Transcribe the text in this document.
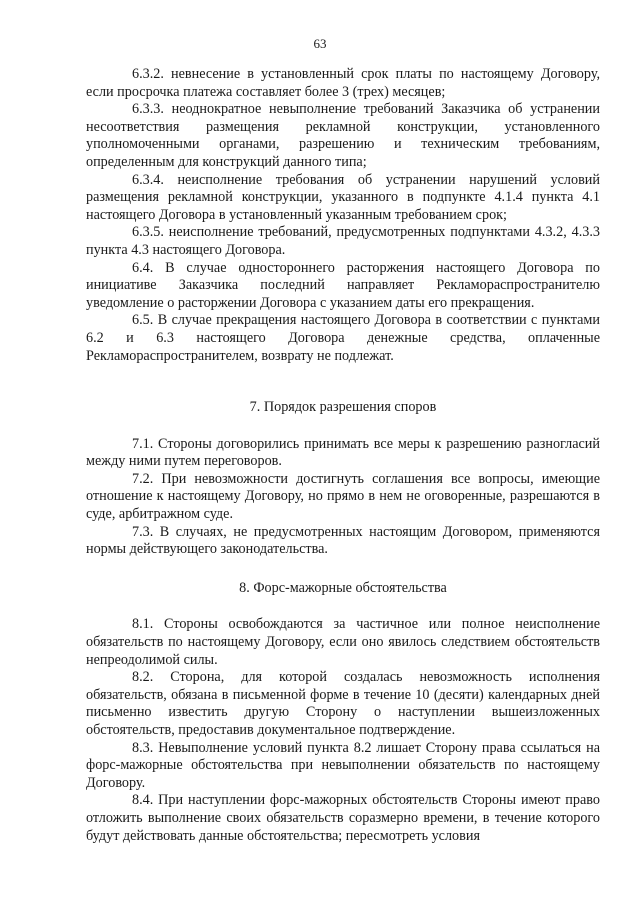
63

6.3.2. невнесение в установленный срок платы по настоящему Договору, если просрочка платежа составляет более 3 (трех) месяцев;

6.3.3. неоднократное невыполнение требований Заказчика об устранении несоответствия размещения рекламной конструкции, установленного уполномоченными органами, разрешению и техническим требованиям, определенным для конструкций данного типа;

6.3.4. неисполнение требования об устранении нарушений условий размещения рекламной конструкции, указанного в подпункте 4.1.4 пункта 4.1 настоящего Договора в установленный указанным требованием срок;

6.3.5. неисполнение требований, предусмотренных подпунктами 4.3.2, 4.3.3 пункта 4.3 настоящего Договора.

6.4. В случае одностороннего расторжения настоящего Договора по инициативе Заказчика последний направляет Рекламораспространителю уведомление о расторжении Договора с указанием даты его прекращения.

6.5. В случае прекращения настоящего Договора в соответствии с пунктами 6.2 и 6.3 настоящего Договора денежные средства, оплаченные Рекламораспространителем, возврату не подлежат.

7. Порядок разрешения споров

7.1. Стороны договорились принимать все меры к разрешению разногласий между ними путем переговоров.

7.2. При невозможности достигнуть соглашения все вопросы, имеющие отношение к настоящему Договору, но прямо в нем не оговоренные, разрешаются в суде, арбитражном суде.

7.3. В случаях, не предусмотренных настоящим Договором, применяются нормы действующего законодательства.

8. Форс-мажорные обстоятельства

8.1. Стороны освобождаются за частичное или полное неисполнение обязательств по настоящему Договору, если оно явилось следствием обстоятельств непреодолимой силы.

8.2. Сторона, для которой создалась невозможность исполнения обязательств, обязана в письменной форме в течение 10 (десяти) календарных дней письменно известить другую Сторону о наступлении вышеизложенных обстоятельств, предоставив документальное подтверждение.

8.3. Невыполнение условий пункта 8.2 лишает Сторону права ссылаться на форс-мажорные обстоятельства при невыполнении обязательств по настоящему Договору.

8.4. При наступлении форс-мажорных обстоятельств Стороны имеют право отложить выполнение своих обязательств соразмерно времени, в течение которого будут действовать данные обстоятельства; пересмотреть условия
